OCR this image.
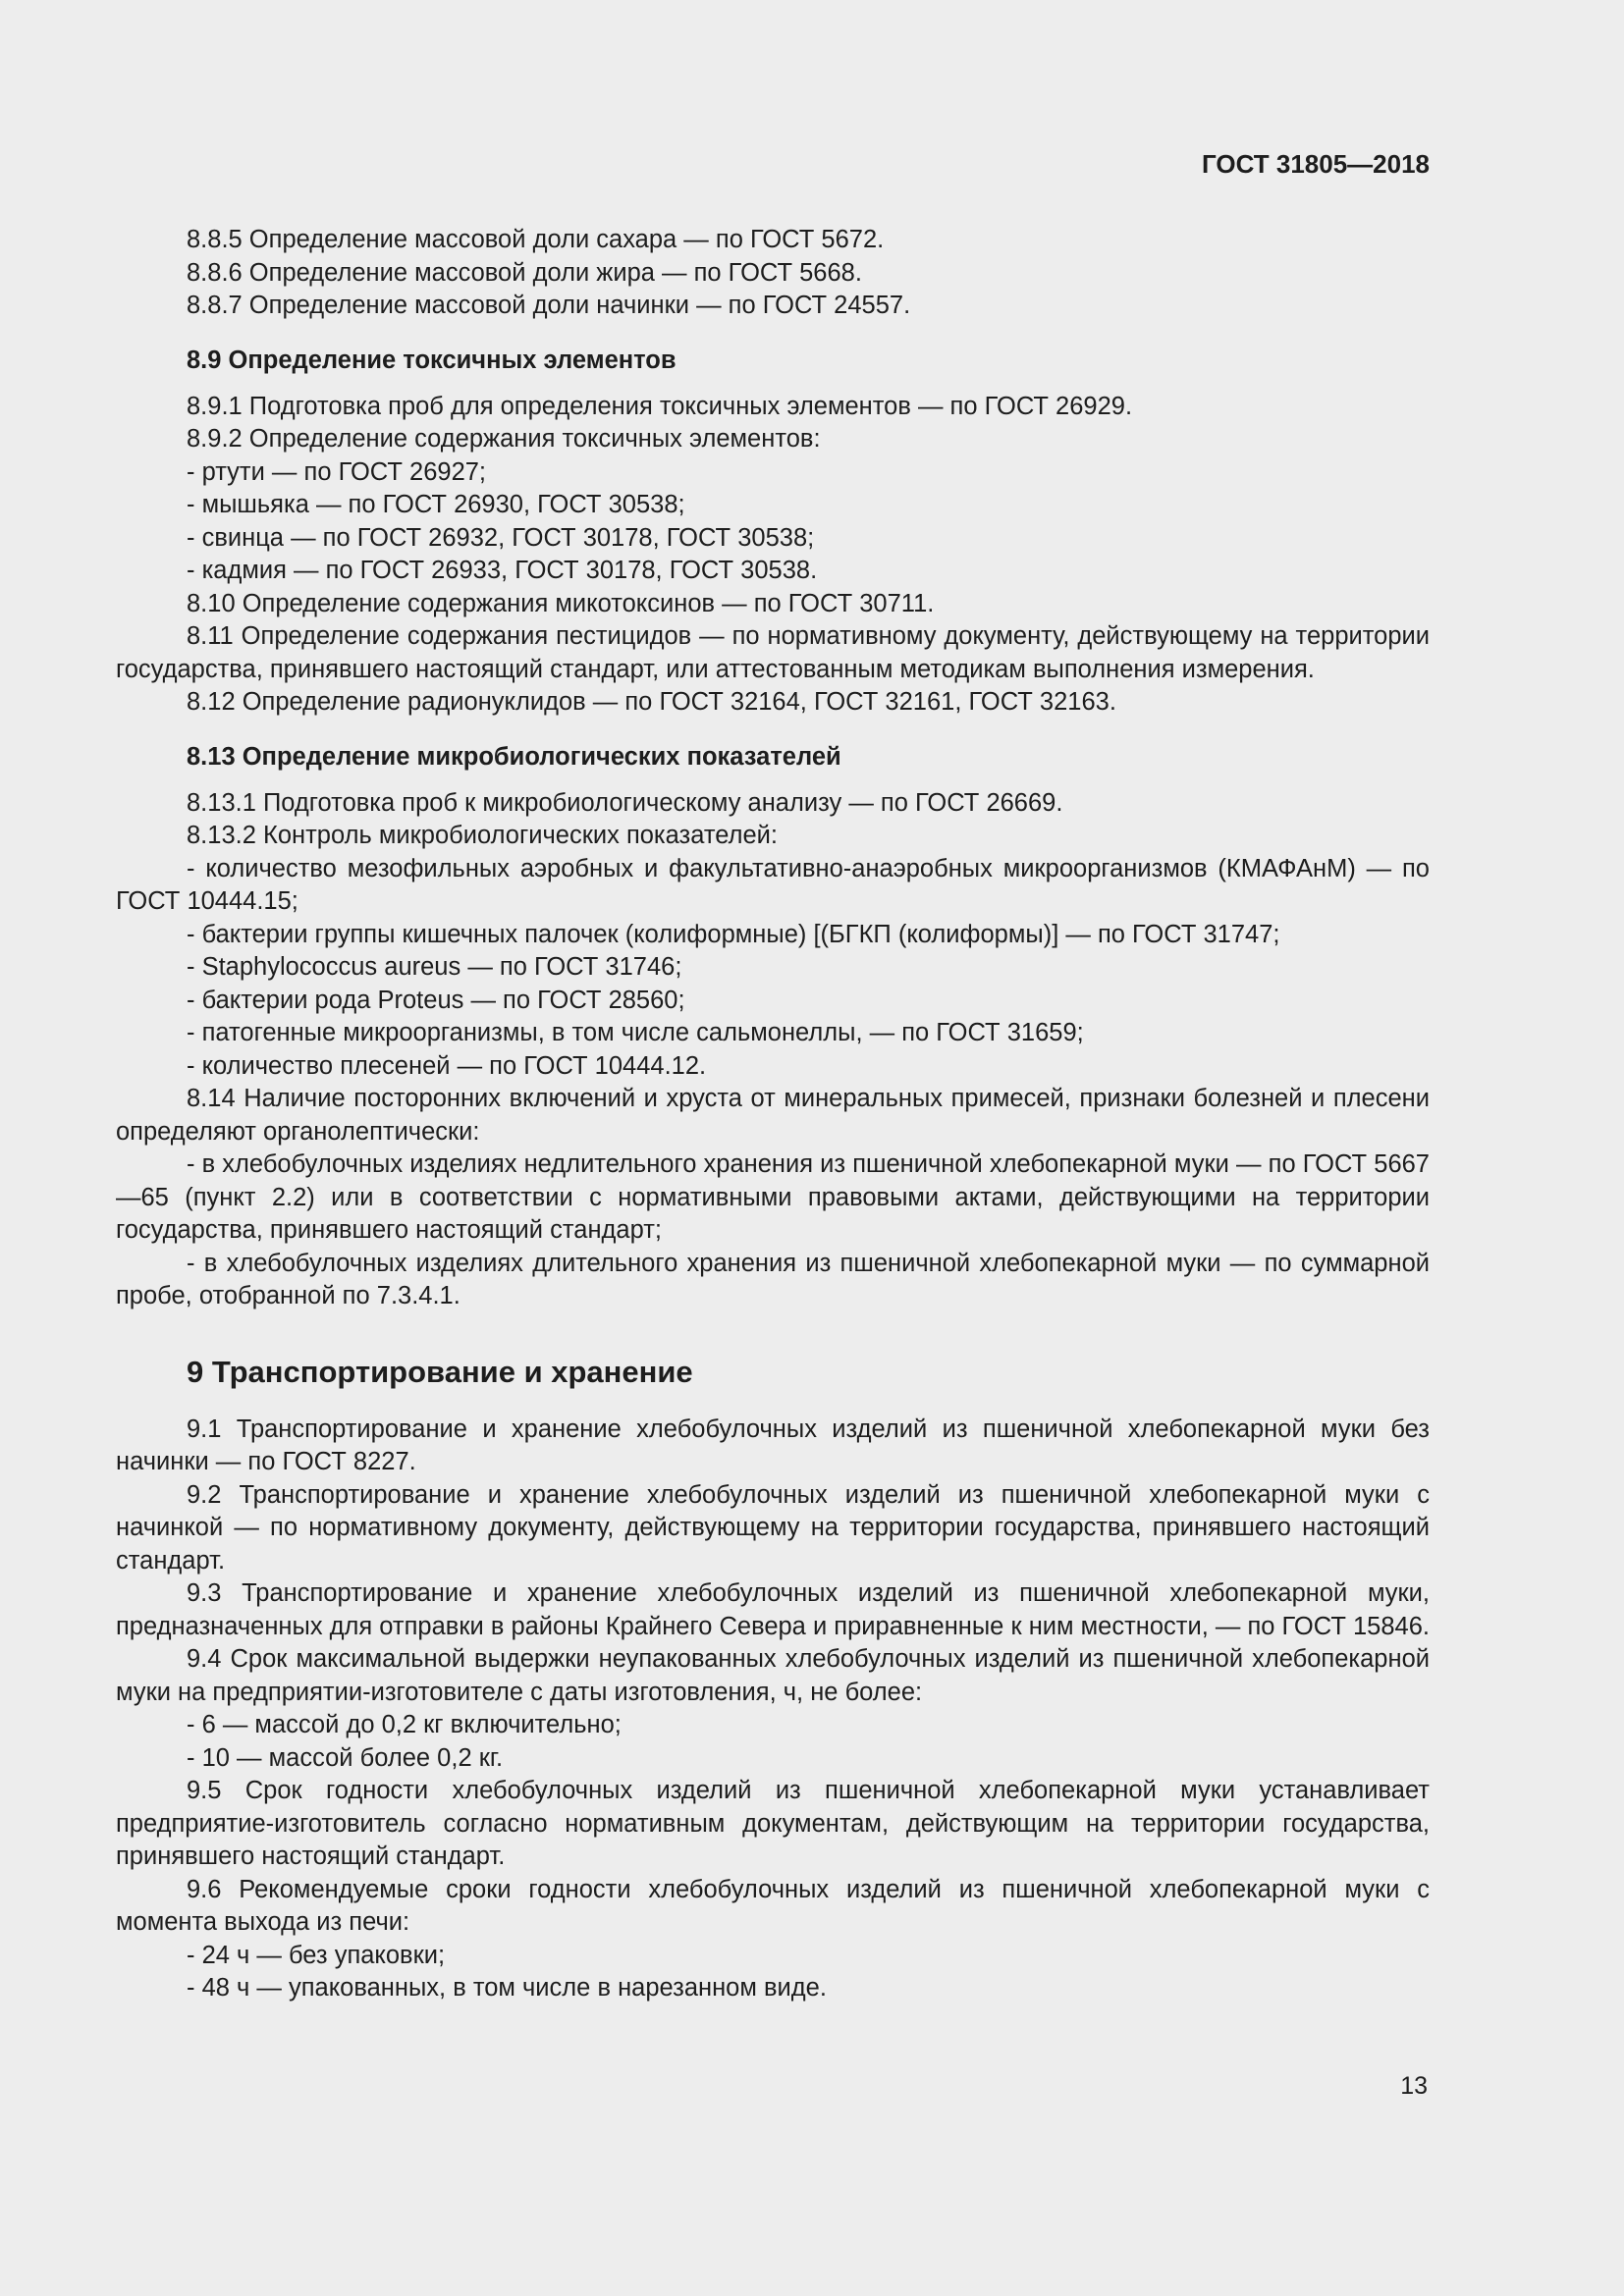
ГОСТ 31805—2018
8.8.5 Определение массовой доли сахара — по ГОСТ 5672.
8.8.6 Определение массовой доли жира — по ГОСТ 5668.
8.8.7 Определение массовой доли начинки — по ГОСТ 24557.
8.9 Определение токсичных элементов
8.9.1 Подготовка проб для определения токсичных элементов — по ГОСТ 26929.
8.9.2 Определение содержания токсичных элементов:
- ртути — по ГОСТ 26927;
- мышьяка — по ГОСТ 26930, ГОСТ 30538;
- свинца — по ГОСТ 26932, ГОСТ 30178, ГОСТ 30538;
- кадмия — по ГОСТ 26933, ГОСТ 30178, ГОСТ 30538.
8.10 Определение содержания микотоксинов — по ГОСТ 30711.
8.11 Определение содержания пестицидов — по нормативному документу, действующему на территории государства, принявшего настоящий стандарт, или аттестованным методикам выполнения измерения.
8.12 Определение радионуклидов — по ГОСТ 32164, ГОСТ 32161, ГОСТ 32163.
8.13 Определение микробиологических показателей
8.13.1 Подготовка проб к микробиологическому анализу — по ГОСТ 26669.
8.13.2 Контроль микробиологических показателей:
- количество мезофильных аэробных и факультативно-анаэробных микроорганизмов (КМАФАнМ) — по ГОСТ 10444.15;
- бактерии группы кишечных палочек (колиформные) [(БГКП (колиформы)] — по ГОСТ 31747;
- Staphylococcus aureus — по ГОСТ 31746;
- бактерии рода Proteus — по ГОСТ 28560;
- патогенные микроорганизмы, в том числе сальмонеллы, — по ГОСТ 31659;
- количество плесеней — по ГОСТ 10444.12.
8.14 Наличие посторонних включений и хруста от минеральных примесей, признаки болезней и плесени определяют органолептически:
- в хлебобулочных изделиях недлительного хранения из пшеничной хлебопекарной муки — по ГОСТ 5667—65 (пункт 2.2) или в соответствии с нормативными правовыми актами, действующими на территории государства, принявшего настоящий стандарт;
- в хлебобулочных изделиях длительного хранения из пшеничной хлебопекарной муки — по суммарной пробе, отобранной по 7.3.4.1.
9 Транспортирование и хранение
9.1 Транспортирование и хранение хлебобулочных изделий из пшеничной хлебопекарной муки без начинки — по ГОСТ 8227.
9.2 Транспортирование и хранение хлебобулочных изделий из пшеничной хлебопекарной муки с начинкой — по нормативному документу, действующему на территории государства, принявшего настоящий стандарт.
9.3 Транспортирование и хранение хлебобулочных изделий из пшеничной хлебопекарной муки, предназначенных для отправки в районы Крайнего Севера и приравненные к ним местности, — по ГОСТ 15846.
9.4 Срок максимальной выдержки неупакованных хлебобулочных изделий из пшеничной хлебопекарной муки на предприятии-изготовителе с даты изготовления, ч, не более:
- 6 — массой до 0,2 кг включительно;
- 10 — массой более 0,2 кг.
9.5 Срок годности хлебобулочных изделий из пшеничной хлебопекарной муки устанавливает предприятие-изготовитель согласно нормативным документам, действующим на территории государства, принявшего настоящий стандарт.
9.6 Рекомендуемые сроки годности хлебобулочных изделий из пшеничной хлебопекарной муки с момента выхода из печи:
- 24 ч — без упаковки;
- 48 ч — упакованных, в том числе в нарезанном виде.
13
